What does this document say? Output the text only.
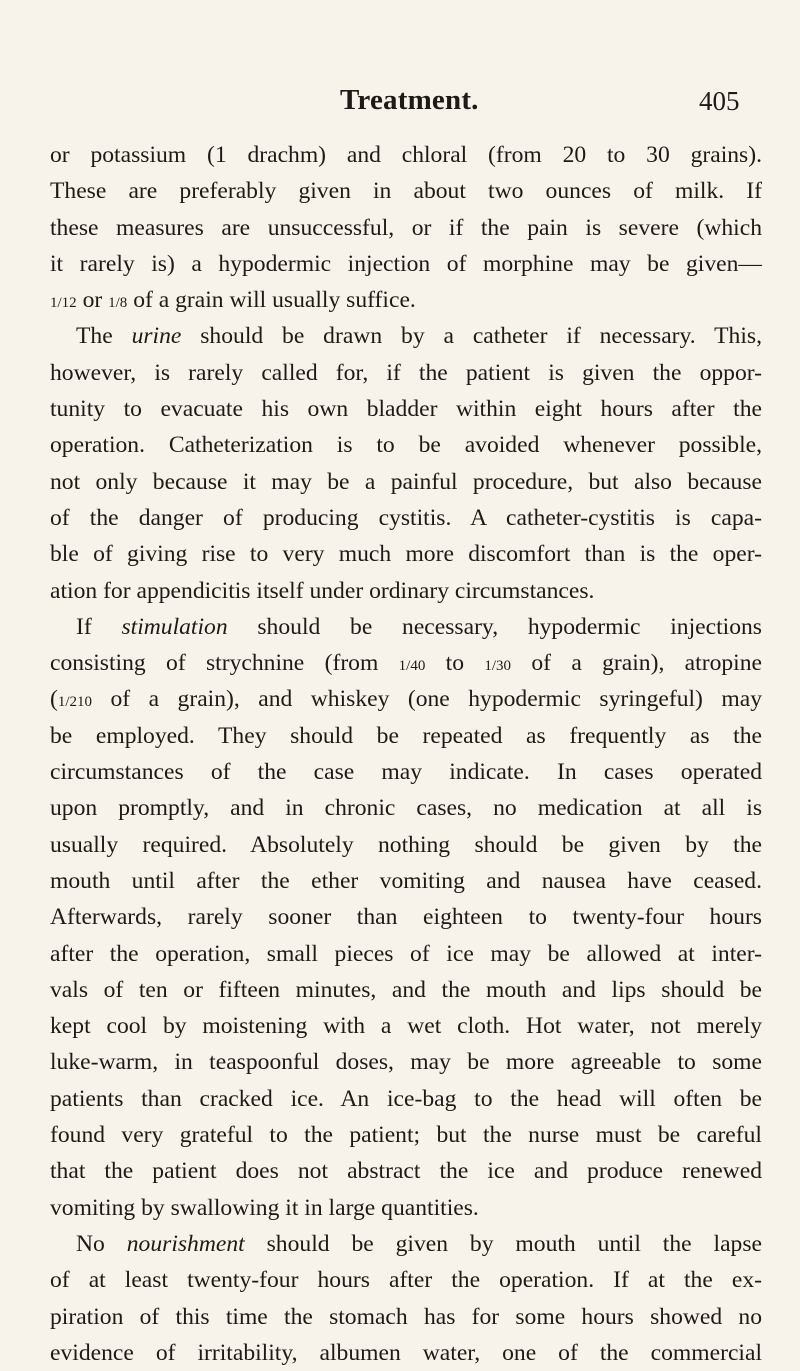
Treatment.	405
or potassium (1 drachm) and chloral (from 20 to 30 grains).
These are preferably given in about two ounces of milk. If
these measures are unsuccessful, or if the pain is severe (which
it rarely is) a hypodermic injection of morphine may be given—
1/12 or 1/8 of a grain will usually suffice.
The urine should be drawn by a catheter if necessary. This,
however, is rarely called for, if the patient is given the oppor-
tunity to evacuate his own bladder within eight hours after the
operation. Catheterization is to be avoided whenever possible,
not only because it may be a painful procedure, but also because
of the danger of producing cystitis. A catheter-cystitis is capa-
ble of giving rise to very much more discomfort than is the oper-
ation for appendicitis itself under ordinary circumstances.
If stimulation should be necessary, hypodermic injections
consisting of strychnine (from 1/40 to 1/30 of a grain), atropine
(1/210 of a grain), and whiskey (one hypodermic syringeful) may
be employed. They should be repeated as frequently as the
circumstances of the case may indicate. In cases operated
upon promptly, and in chronic cases, no medication at all is
usually required. Absolutely nothing should be given by the
mouth until after the ether vomiting and nausea have ceased.
Afterwards, rarely sooner than eighteen to twenty-four hours
after the operation, small pieces of ice may be allowed at inter-
vals of ten or fifteen minutes, and the mouth and lips should be
kept cool by moistening with a wet cloth. Hot water, not merely
luke-warm, in teaspoonful doses, may be more agreeable to some
patients than cracked ice. An ice-bag to the head will often be
found very grateful to the patient; but the nurse must be careful
that the patient does not abstract the ice and produce renewed
vomiting by swallowing it in large quantities.
No nourishment should be given by mouth until the lapse
of at least twenty-four hours after the operation. If at the ex-
piration of this time the stomach has for some hours showed no
evidence of irritability, albumen water, one of the commercial
